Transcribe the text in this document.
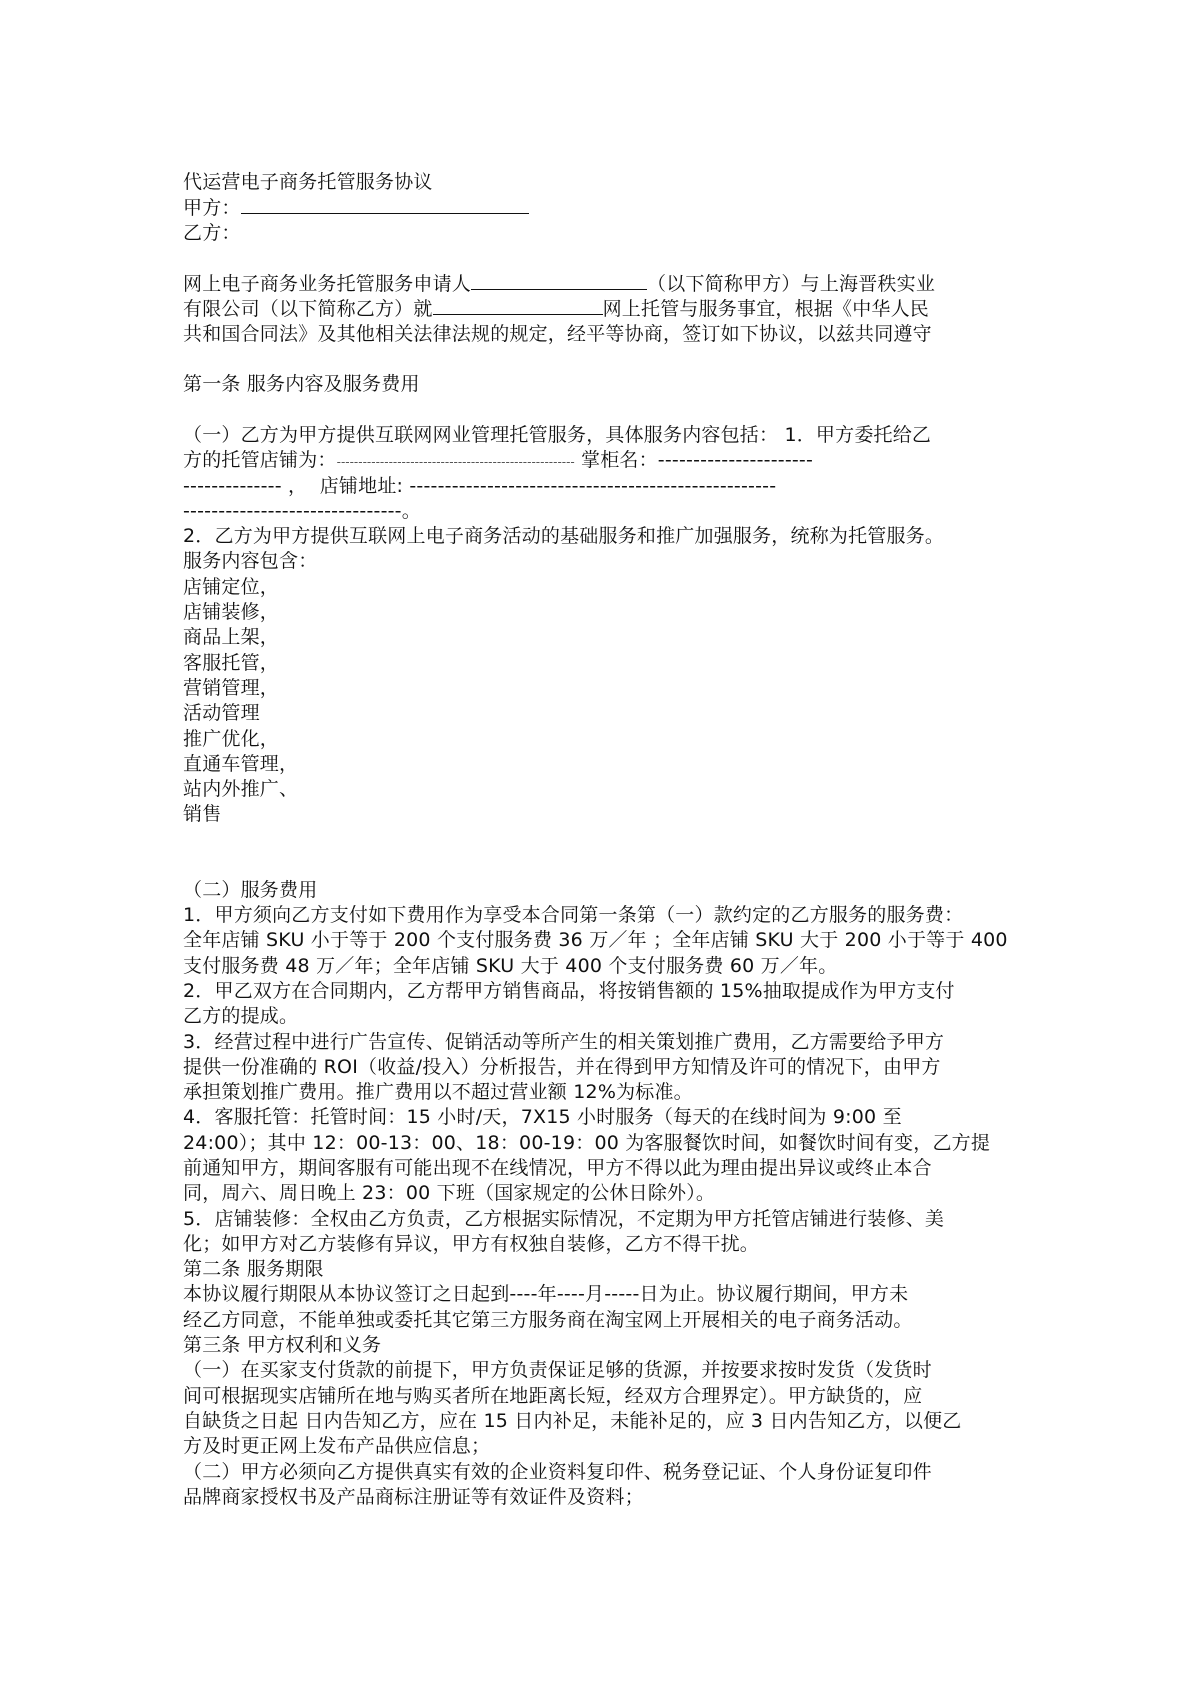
代运营电子商务托管服务协议
甲方：
乙方：
网上电子商务业务托管服务申请人	（以下简称甲方）与上海晋秩实业
有限公司（以下简称乙方）就	网上托管与服务事宜，根据《中华人民
共和国合同法》及其他相关法律法规的规定，经平等协商，签订如下协议，以兹共同遵守
第一条 服务内容及服务费用
（一）乙方为甲方提供互联网网业管理托管服务，具体服务内容包括： 1．甲方委托给乙
方的托管店铺为：------------------------------------------------------- 掌柜名：----------------------
-------------- ，  店铺地址: ----------------------------------------------------
-------------------------------。
2．乙方为甲方提供互联网上电子商务活动的基础服务和推广加强服务，统称为托管服务。
服务内容包含：
店铺定位，
店铺装修，
商品上架，
客服托管，
营销管理，
活动管理
推广优化，
直通车管理，
站内外推广、
销售
（二）服务费用
1．甲方须向乙方支付如下费用作为享受本合同第一条第（一）款约定的乙方服务的服务费：
全年店铺 SKU 小于等于 200 个支付服务费 36 万／年 ；全年店铺 SKU 大于 200 小于等于 400
支付服务费 48 万／年；全年店铺 SKU 大于 400 个支付服务费 60 万／年。
2．甲乙双方在合同期内，乙方帮甲方销售商品，将按销售额的 15%抽取提成作为甲方支付
乙方的提成。
3．经营过程中进行广告宣传、促销活动等所产生的相关策划推广费用，乙方需要给予甲方
提供一份准确的 ROI（收益/投入）分析报告，并在得到甲方知情及许可的情况下，由甲方
承担策划推广费用。推广费用以不超过营业额 12%为标准。
4．客服托管：托管时间：15 小时/天，7X15 小时服务（每天的在线时间为 9:00 至
24:00）；其中 12：00-13：00、18：00-19：00 为客服餐饮时间，如餐饮时间有变，乙方提
前通知甲方，期间客服有可能出现不在线情况，甲方不得以此为理由提出异议或终止本合
同，周六、周日晚上 23：00 下班（国家规定的公休日除外）。
5．店铺装修：全权由乙方负责，乙方根据实际情况，不定期为甲方托管店铺进行装修、美
化；如甲方对乙方装修有异议，甲方有权独自装修，乙方不得干扰。
第二条 服务期限
本协议履行期限从本协议签订之日起到----年----月-----日为止。协议履行期间，甲方未
经乙方同意，不能单独或委托其它第三方服务商在淘宝网上开展相关的电子商务活动。
第三条 甲方权利和义务
（一）在买家支付货款的前提下，甲方负责保证足够的货源，并按要求按时发货（发货时
间可根据现实店铺所在地与购买者所在地距离长短，经双方合理界定）。甲方缺货的，应
自缺货之日起 日内告知乙方，应在 15 日内补足，未能补足的，应 3 日内告知乙方，以便乙
方及时更正网上发布产品供应信息；
（二）甲方必须向乙方提供真实有效的企业资料复印件、税务登记证、个人身份证复印件
品牌商家授权书及产品商标注册证等有效证件及资料；
